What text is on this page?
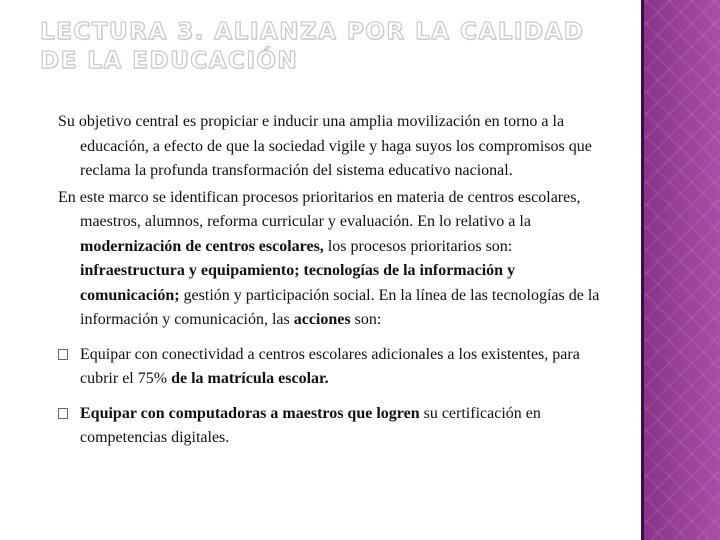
LECTURA 3. ALIANZA POR LA CALIDAD DE LA EDUCACIÓN

Su objetivo central es propiciar e inducir una amplia movilización en torno a la educación, a efecto de que la sociedad vigile y haga suyos los compromisos que reclama la profunda transformación del sistema educativo nacional.

En este marco se identifican procesos prioritarios en materia de centros escolares, maestros, alumnos, reforma curricular y evaluación. En lo relativo a la modernización de centros escolares, los procesos prioritarios son: infraestructura y equipamiento; tecnologías de la información y comunicación; gestión y participación social. En la línea de las tecnologías de la información y comunicación, las acciones son:

Equipar con conectividad a centros escolares adicionales a los existentes, para cubrir el 75% de la matrícula escolar.
Equipar con computadoras a maestros que logren su certificación en competencias digitales.
